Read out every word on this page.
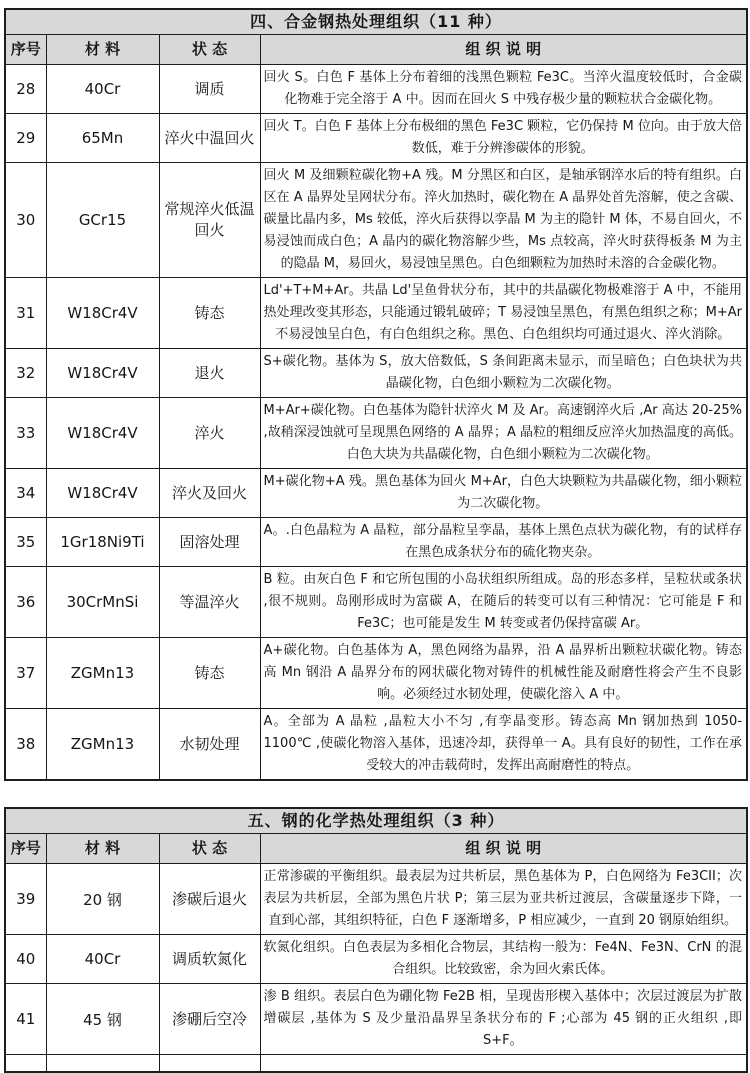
四、合金钢热处理组织（11 种）			
序号	材 料	状 态	组 织 说 明
28	40Cr	调质	回火 S。白色 F 基体上分布着细的浅黑色颗粒 Fe3C。当淬火温度较低时，合金碳化物难于完全溶于 A 中。因而在回火 S 中残存极少量的颗粒状合金碳化物。
29	65Mn	淬火中温回火	回火 T。白色 F 基体上分布极细的黑色 Fe3C 颗粒，它仍保持 M 位向。由于放大倍数低，难于分辨渗碳体的形貌。
30	GCr15	常规淬火低温回火	回火 M 及细颗粒碳化物+A 残。M 分黑区和白区，是轴承钢淬水后的特有组织。白区在 A 晶界处呈网状分布。淬火加热时，碳化物在 A 晶界处首先溶解，使之含碳、碳量比晶内多，Ms 较低，淬火后获得以孪晶 M 为主的隐针 M 体，不易自回火，不易浸蚀而成白色；A 晶内的碳化物溶解少些，Ms 点较高，淬火时获得板条 M 为主的隐晶 M，易回火，易浸蚀呈黑色。白色细颗粒为加热时未溶的合金碳化物。
31	W18Cr4V	铸态	Ld'+T+M+Ar。共晶 Ld'呈鱼骨状分布，其中的共晶碳化物极难溶于 A 中，不能用热处理改变其形态，只能通过锻轧破碎；T 易浸蚀呈黑色，有黑色组织之称；M+Ar 不易浸蚀呈白色，有白色组织之称。黑色、白色组织均可通过退火、淬火消除。
32	W18Cr4V	退火	S+碳化物。基体为 S，放大倍数低，S 条间距离未显示，而呈暗色；白色块状为共晶碳化物，白色细小颗粒为二次碳化物。
33	W18Cr4V	淬火	M+Ar+碳化物。白色基体为隐针状淬火 M 及 Ar。高速钢淬火后 ,Ar 高达 20-25% ,故稍深浸蚀就可呈现黑色网络的 A 晶界；A 晶粒的粗细反应淬火加热温度的高低。白色大块为共晶碳化物，白色细小颗粒为二次碳化物。
34	W18Cr4V	淬火及回火	M+碳化物+A 残。黑色基体为回火 M+Ar，白色大块颗粒为共晶碳化物，细小颗粒为二次碳化物。
35	1Gr18Ni9Ti	固溶处理	A。.白色晶粒为 A 晶粒，部分晶粒呈孪晶，基体上黑色点状为碳化物，有的试样存在黑色成条状分布的硫化物夹杂。
36	30CrMnSi	等温淬火	B 粒。由灰白色 F 和它所包围的小岛状组织所组成。岛的形态多样，呈粒状或条状 ,很不规则。岛刚形成时为富碳 A，在随后的转变可以有三种情况：它可能是 F 和 Fe3C；也可能是发生 M 转变或者仍保持富碳 Ar。
37	ZGMn13	铸态	A+碳化物。白色基体为 A，黑色网络为晶界，沿 A 晶界析出颗粒状碳化物。铸态高 Mn 钢沿 A 晶界分布的网状碳化物对铸件的机械性能及耐磨性将会产生不良影响。必须经过水韧处理，使碳化溶入 A 中。
38	ZGMn13	水韧处理	A。全部为 A 晶粒 ,晶粒大小不匀 ,有孪晶变形。铸态高 Mn 钢加热到 1050-1100℃ ,使碳化物溶入基体，迅速冷却，获得单一 A。具有良好的韧性，工作在承受较大的冲击载荷时，发挥出高耐磨性的特点。
五、钢的化学热处理组织（3 种）			
序号	材 料	状 态	组 织 说 明
39	20 钢	渗碳后退火	正常渗碳的平衡组织。最表层为过共析层，黑色基体为 P，白色网络为 Fe3CII；次表层为共析层，全部为黑色片状 P；第三层为亚共析过渡层，含碳量逐步下降，一直到心部，其组织特征，白色 F 逐渐增多，P 相应减少，一直到 20 钢原始组织。
40	40Cr	调质软氮化	软氮化组织。白色表层为多相化合物层，其结构一般为：Fe4N、Fe3N、CrN 的混合组织。比较致密，余为回火索氏体。
41	45 钢	渗硼后空冷	渗 B 组织。表层白色为硼化物 Fe2B 相，呈现齿形楔入基体中；次层过渡层为扩散增碳层 ,基体为 S 及少量沿晶界呈条状分布的 F ;心部为 45 钢的正火组织 ,即 S+F。
